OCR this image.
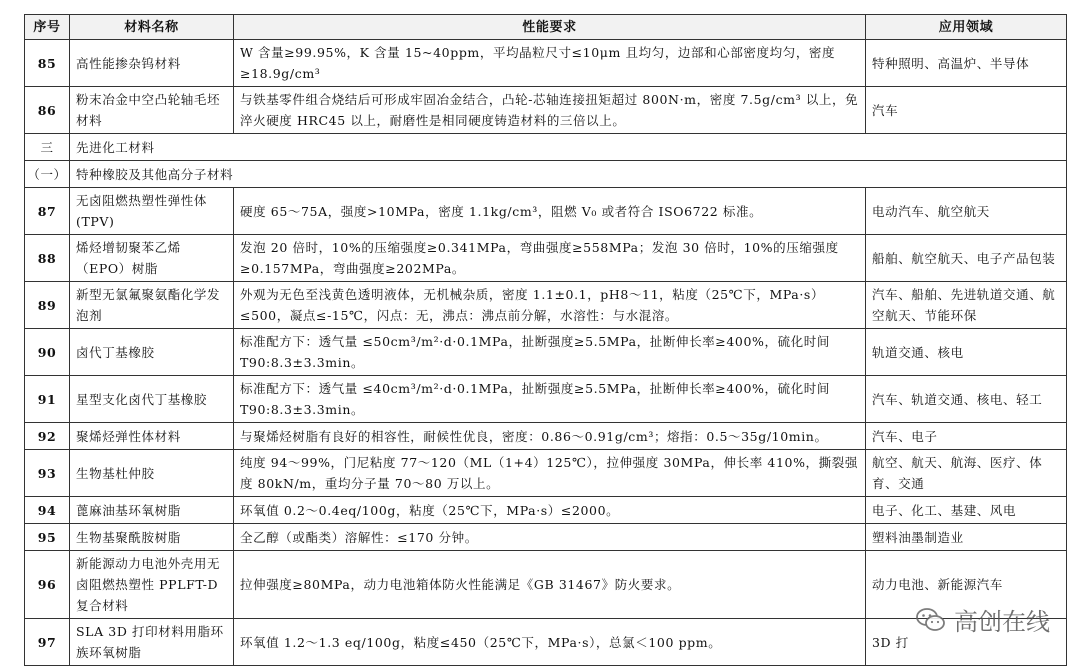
序号	材料名称	性能要求	应用领域
85	高性能掺杂钨材料	W 含量≥99.95%，K 含量 15~40ppm，平均晶粒尺寸≤10μm 且均匀，边部和心部密度均匀，密度≥18.9g/cm³	特种照明、高温炉、半导体
86	粉末冶金中空凸轮轴毛坯材料	与铁基零件组合烧结后可形成牢固冶金结合，凸轮-芯轴连接扭矩超过 800N·m，密度 7.5g/cm³ 以上，免淬火硬度 HRC45 以上，耐磨性是相同硬度铸造材料的三倍以上。	汽车
三	先进化工材料		
（一）	特种橡胶及其他高分子材料		
87	无卤阻燃热塑性弹性体(TPV)	硬度 65～75A，强度>10MPa，密度 1.1kg/cm³，阻燃 V₀ 或者符合 ISO6722 标准。	电动汽车、航空航天
88	烯烃增韧聚苯乙烯（EPO）树脂	发泡 20 倍时，10%的压缩强度≥0.341MPa，弯曲强度≥558MPa；发泡 30 倍时，10%的压缩强度≥0.157MPa，弯曲强度≥202MPa。	船舶、航空航天、电子产品包装
89	新型无氯氟聚氨酯化学发泡剂	外观为无色至浅黄色透明液体，无机械杂质，密度 1.1±0.1，pH8～11，粘度（25℃下，MPa·s）≤500，凝点≤-15℃，闪点：无，沸点：沸点前分解，水溶性：与水混溶。	汽车、船舶、先进轨道交通、航空航天、节能环保
90	卤代丁基橡胶	标准配方下：透气量 ≤50cm³/m²·d·0.1MPa，扯断强度≥5.5MPa，扯断伸长率≥400%，硫化时间 T90:8.3±3.3min。	轨道交通、核电
91	星型支化卤代丁基橡胶	标准配方下：透气量 ≤40cm³/m²·d·0.1MPa，扯断强度≥5.5MPa，扯断伸长率≥400%，硫化时间 T90:8.3±3.3min。	汽车、轨道交通、核电、轻工
92	聚烯烃弹性体材料	与聚烯烃树脂有良好的相容性，耐候性优良，密度：0.86～0.91g/cm³；熔指：0.5～35g/10min。	汽车、电子
93	生物基杜仲胶	纯度 94～99%，门尼粘度 77～120（ML（1+4）125℃），拉伸强度 30MPa，伸长率 410%，撕裂强度 80kN/m，重均分子量 70～80 万以上。	航空、航天、航海、医疗、体育、交通
94	蓖麻油基环氧树脂	环氧值 0.2～0.4eq/100g，粘度（25℃下，MPa·s）≤2000。	电子、化工、基建、风电
95	生物基聚酰胺树脂	全乙醇（或酯类）溶解性：≤170 分钟。	塑料油墨制造业
96	新能源动力电池外壳用无卤阻燃热塑性 PPLFT-D 复合材料	拉伸强度≥80MPa，动力电池箱体防火性能满足《GB 31467》防火要求。	动力电池、新能源汽车
97	SLA 3D 打印材料用脂环族环氧树脂	环氧值 1.2～1.3 eq/100g，粘度≤450（25℃下，MPa·s），总氯＜100 ppm。	3D 打
高创在线
